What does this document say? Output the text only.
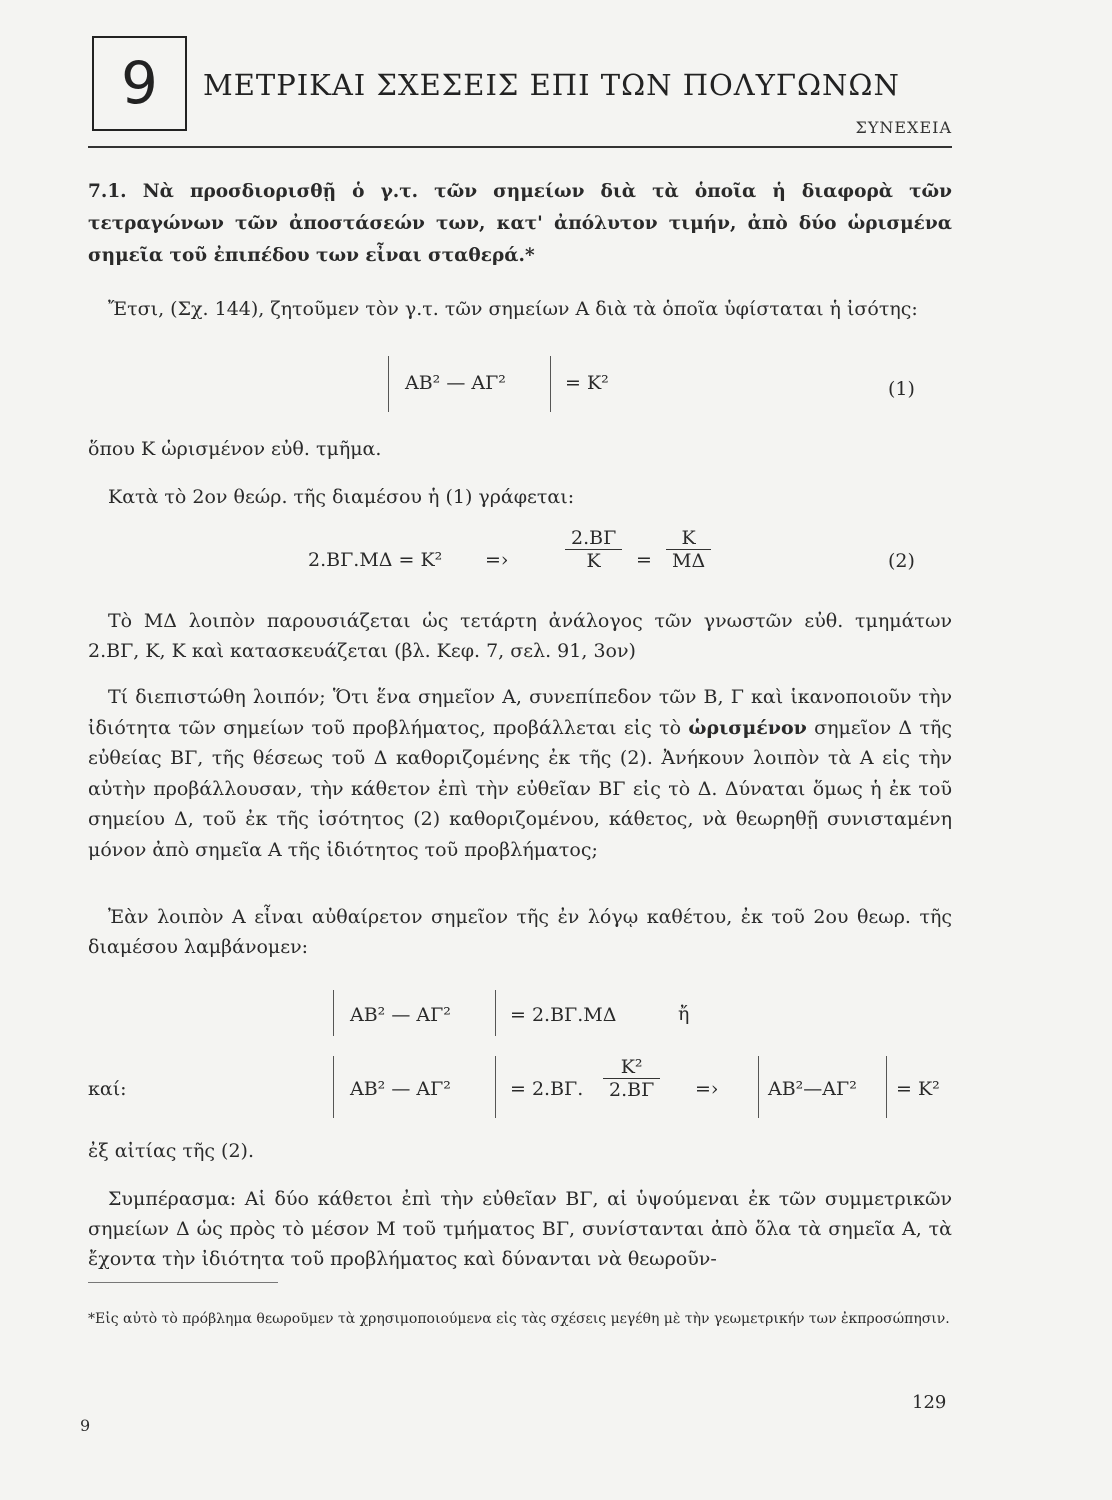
9	ΜΕΤΡΙΚΑΙ ΣΧΕΣΕΙΣ ΕΠΙ ΤΩΝ ΠΟΛΥΓΩΝΩΝ
ΣΥΝΕΧΕΙΑ
7.1. Νὰ προσδιορισθῇ ὁ γ.τ. τῶν σημείων διὰ τὰ ὁποῖα ἡ διαφορὰ τῶν τετραγώνων τῶν ἀποστάσεών των, κατ' ἀπόλυτον τιμήν, ἀπὸ δύο ὡρισμένα σημεῖα τοῦ ἐπιπέδου των εἶναι σταθερά.*
Ἔτσι, (Σχ. 144), ζητοῦμεν τὸν γ.τ. τῶν σημείων Α διὰ τὰ ὁποῖα ὑφίσταται ἡ ἰσότης:
ΑΒ² — ΑΓ²	= Κ²	(1)
ὅπου Κ ὡρισμένον εὐθ. τμῆμα.
Κατὰ τὸ 2ον θεώρ. τῆς διαμέσου ἡ (1) γράφεται:
2.ΒΓ.ΜΔ = Κ² =›	$\frac{2.B\Gamma}{K} = \frac{K}{M\Delta}$	(2)
Τὸ ΜΔ λοιπὸν παρουσιάζεται ὡς τετάρτη ἀνάλογος τῶν γνωστῶν εὐθ. τμημάτων 2.ΒΓ, Κ, Κ καὶ κατασκευάζεται (βλ. Κεφ. 7, σελ. 91, 3ον)
Τί διεπιστώθη λοιπόν; Ὅτι ἕνα σημεῖον Α, συνεπίπεδον τῶν Β, Γ καὶ ἱκανοποιοῦν τὴν ἰδιότητα τῶν σημείων τοῦ προβλήματος, προβάλλεται εἰς τὸ ὡρισμένον σημεῖον Δ τῆς εὐθείας ΒΓ, τῆς θέσεως τοῦ Δ καθοριζομένης ἐκ τῆς (2). Ἀνήκουν λοιπὸν τὰ Α εἰς τὴν αὐτὴν προβάλλουσαν, τὴν κάθετον ἐπὶ τὴν εὐθεῖαν ΒΓ εἰς τὸ Δ. Δύναται ὅμως ἡ ἐκ τοῦ σημείου Δ, τοῦ ἐκ τῆς ἰσότητος (2) καθοριζομένου, κάθετος, νὰ θεωρηθῇ συνισταμένη μόνον ἀπὸ σημεῖα Α τῆς ἰδιότητος τοῦ προβλήματος;
Ἐὰν λοιπὸν Α εἶναι αὐθαίρετον σημεῖον τῆς ἐν λόγῳ καθέτου, ἐκ τοῦ 2ου θεωρ. τῆς διαμέσου λαμβάνομεν:
ΑΒ² — ΑΓ²	= 2.ΒΓ.ΜΔ	ἤ
καί:	ΑΒ² — ΑΓ²	= 2.ΒΓ. $\frac{\text{Κ²}}{2.B\Gamma}$ =›	ΑΒ²—ΑΓ² = Κ²
ἐξ αἰτίας τῆς (2).
Συμπέρασμα: Αἱ δύο κάθετοι ἐπὶ τὴν εὐθεῖαν ΒΓ, αἱ ὑψούμεναι ἐκ τῶν συμμετρικῶν σημείων Δ ὡς πρὸς τὸ μέσον Μ τοῦ τμήματος ΒΓ, συνίστανται ἀπὸ ὅλα τὰ σημεῖα Α, τὰ ἔχοντα τὴν ἰδιότητα τοῦ προβλήματος καὶ δύνανται νὰ θεωροῦν-
*Εἰς αὐτὸ τὸ πρόβλημα θεωροῦμεν τὰ χρησιμοποιούμενα εἰς τὰς σχέσεις μεγέθη μὲ τὴν γεωμετρικήν των ἐκπροσώπησιν.
129
9
